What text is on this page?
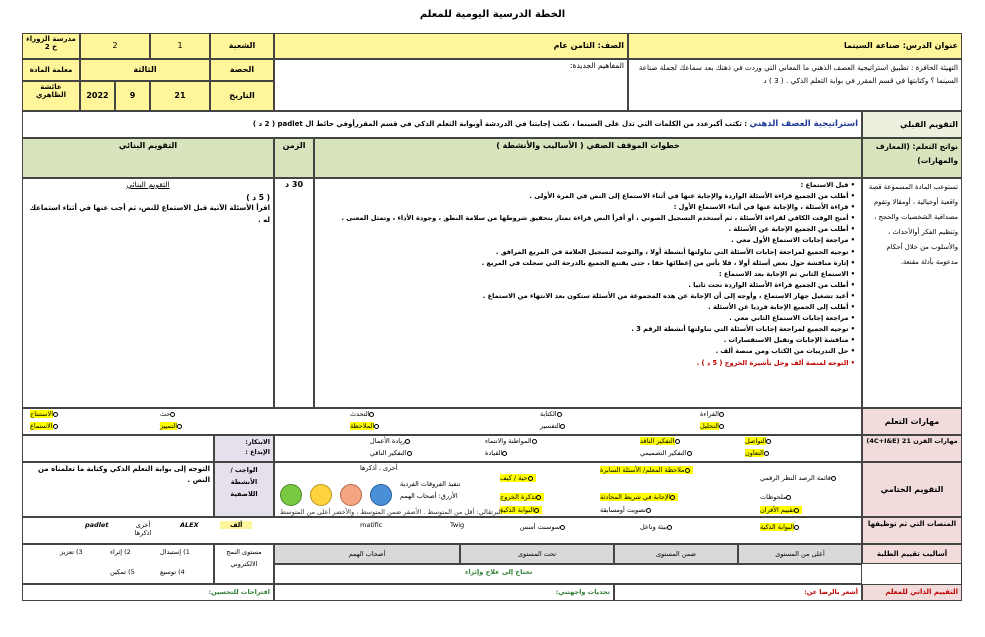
الخطة الدرسية اليومية للمعلم
عنوان الدرس: صناعة السينما
الصف: الثامن عام
الشعبة
1
2
مدرسة الزوراء ح 2
التهيئة الحافزة : تطبيق استراتيجية العصف الذهني ما المعاني التي وردت في ذهنك بعد سماعك لجملة صناعة السينما ؟ وكتابتها في قسم المقرر في بوابة التعلم الذكي . ( 3 ) د
المفاهيم الجديدة:
الحصة
الثالثة
معلمة المادة
التاريخ
21
9
2022
عائشة الظاهري
التقويم القبلي
استراتيجية العصف الذهني : تكتب أكبرعدد من الكلمات التي تدل على السينما ، نكتب إجابتنا في الدردشة أوبوابة التعلم الذكي في قسم المقررأوفي حائط ال padlet ( 2 د )
نواتج التعلم: (المعارف والمهارات)
خطوات الموقف الصفي ( الأساليب والأنشطة )
الزمن
التقويم البنائي
تستوعب المادة المسموعة قصة واقعية أوخيالية ، أومقالا وتقوم مصداقية الشخصيات والحجج ، وتنظيم الفكر أوالأحداث ، والأسلوب من خلال أحكام مدعومة بأدلة مقنعة.
• قبل الاستماع :
• أطلب من الجميع قراءة الأسئلة الواردة والإجابة عنها في أثناء الاستماع إلى النص في المرة الأولى .
• قراءة الأسئلة ، والإجابة عنها في أثناء الاستماع الأول :
• أمنح الوقت الكافي لقراءة الأسئلة ، ثم أستخدم التسجيل الصوتي ، أو أقرأ النص قراءة تمتاز بتحقيق شروطها من سلامة النطق ، وجودة الأداء ، وتمثل المعنى .
• أطلب من الجميع الإجابة عن الأسئلة .
• مراجعة إجابات الاستماع الأول معي .
• توجيه الجميع لمراجعة إجابات الأسئلة التي تناولتها أنشطة أولا ، والتوجيه لتسجيل العلامة في المربع المرافق .
• إثارة مناقشة حول بعض أسئلة أولا ، فلا بأس من إعطائها حقا ، حتى يقتنع الجميع بالدرجة التي سجلت في المربع .
• الاستماع الثاني ثم الإجابة بعد الاستماع :
• أطلب من الجميع قراءة الأسئلة الواردة تحت ثانيا .
• أعيد تشغيل جهاز الاستماع ، وأوجه إلى أن الإجابة عن هذه المجموعة من الأسئلة ستكون بعد الانتهاء من الاستماع .
• أطلب إلى الجميع الإجابة فرديا عن الأسئلة .
• مراجعة إجابات الاستماع الثاني معي .
• توجيه الجميع لمراجعة إجابات الأسئلة التي تناولتها أنشطة الرقم 3 .
• مناقشة الإجابات وتقبل الاستفسارات .
• حل التدريبات من الكتاب ومن منصة ألف .
• التوجه لمنصة ألف وحل تأشيرة الخروج ( 5 د ) .
30 د
التقويم البنائي
( 5 د )
اقرأ الأسئلة الآتية قبل الاستماع للنص، ثم أجب عنها في أثناء استماعك له .
مهارات التعلم
القراءة
الكتابة
التحدث
حث
الاستنتاج
التحليل
التفسير
الملاحظة
التمييز
الاستماع
مهارات القرن 21 (4C+I&E)
التواصل
التفكير الناقد
المواطنة والانتماء
ريادة الأعمال
التعاون
التفكير التصميمي
القيادة
التفكير الناقي
الابتكار:
الإبداع :
الواجب / الأنشطة اللاصفية
التوجه إلى بوابة التعلم الذكي وكتابة ما تعلمناه من النص .
التقويم الختامي
قائمة الرصد النظر الرقمي
ملاحظة المعلم/ الأسئلة السابرة
حية / كيف
ملحوظات
الإجابة في شريط المحادثة
تذكرة الخروج
تقييم الأقران
تصويت أومسابقة
البوابة الذكية
أخرى ، أذكرها
تنفيذ الفروقات الفردية
الأزرق: أصحاب الهمم
البرتقالي: أقل من المتوسط . الأصفر ضمن المتوسط ، والأخضر أعلى من المتوسط
المنصات التي تم توظيفها
البوابة الذكية
بيئة وتاعل
سوسنت أسس
Twig
matific
ألف
ALEX
أخرى اذكرها
padlet
أساليب تقييم الطلبة
أعلى من المستوى
ضمن المستوى
تحت المستوى
أصحاب الهمم
مستوى النمج الالكتروني
1) إستبدال
2) إثراء
3) تعزيز
4) توسيع
5) تمكين	تحتاج إلى علاج وإثراء
التقييم الذاتي للمعلم
أشعر بالرضا عن:
تحديات واجهتني:
اقتراحات للتحسين:
